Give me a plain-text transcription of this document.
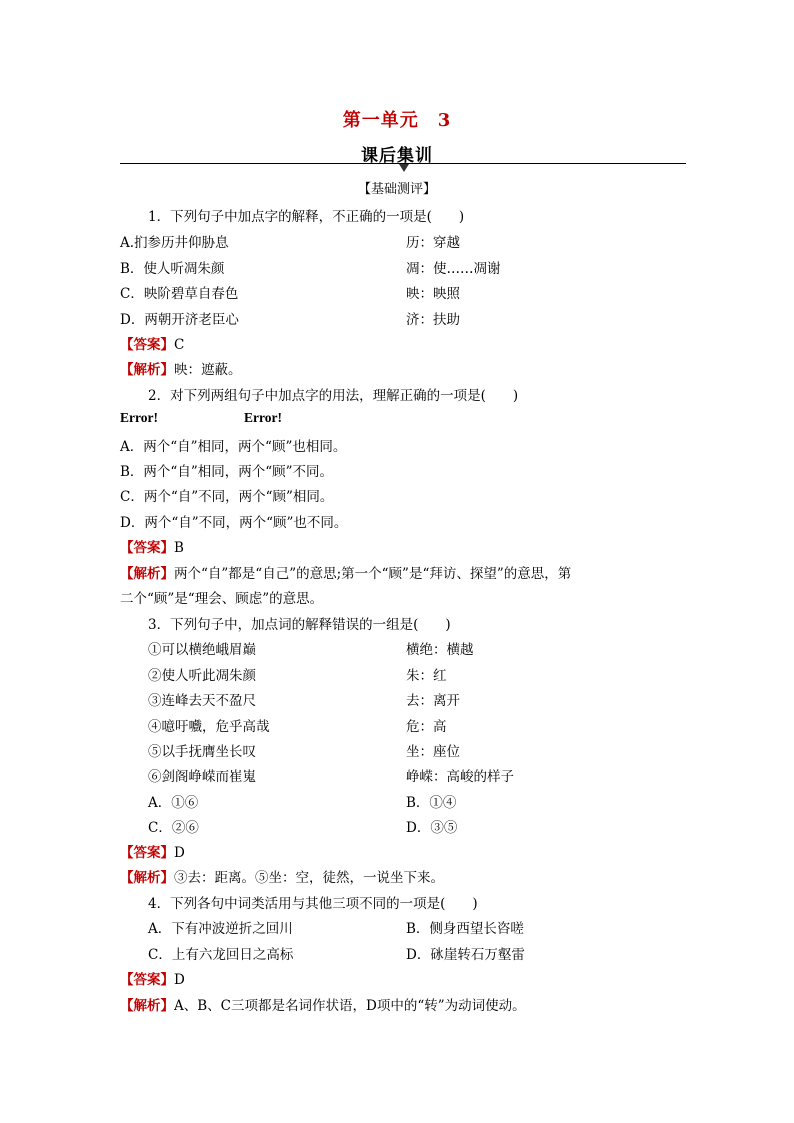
第一单元　3
课后集训
【基础测评】
1．下列句子中加点字的解释，不正确的一项是(　　)
A.扪参历井仰胁息	历：穿越
B．使人听凋朱颜	凋：使……凋谢
C．映阶碧草自春色	映：映照
D．两朝开济老臣心	济：扶助
【答案】C
【解析】映：遮蔽。
2．对下列两组句子中加点字的用法，理解正确的一项是(　　)
Error!	Error!
A．两个“自”相同，两个“顾”也相同。
B．两个“自”相同，两个“顾”不同。
C．两个“自”不同，两个“顾”相同。
D．两个“自”不同，两个“顾”也不同。
【答案】B
【解析】两个“自”都是“自己”的意思;第一个“顾”是“拜访、探望”的意思，第
二个“顾”是“理会、顾虑”的意思。
3．下列句子中，加点词的解释错误的一组是(　　)
①可以横绝峨眉巅	横绝：横越
②使人听此凋朱颜	朱：红
③连峰去天不盈尺	去：离开
④噫吁嚱，危乎高哉	危：高
⑤以手抚膺坐长叹	坐：座位
⑥剑阁峥嵘而崔嵬	峥嵘：高峻的样子
A．①⑥	B．①④
C．②⑥	D．③⑤
【答案】D
【解析】③去：距离。⑤坐：空，徒然，一说坐下来。
4．下列各句中词类活用与其他三项不同的一项是(　　)
A．下有冲波逆折之回川	B．侧身西望长咨嗟
C．上有六龙回日之高标	D．砯崖转石万壑雷
【答案】D
【解析】A、B、C三项都是名词作状语，D项中的“转”为动词使动。
